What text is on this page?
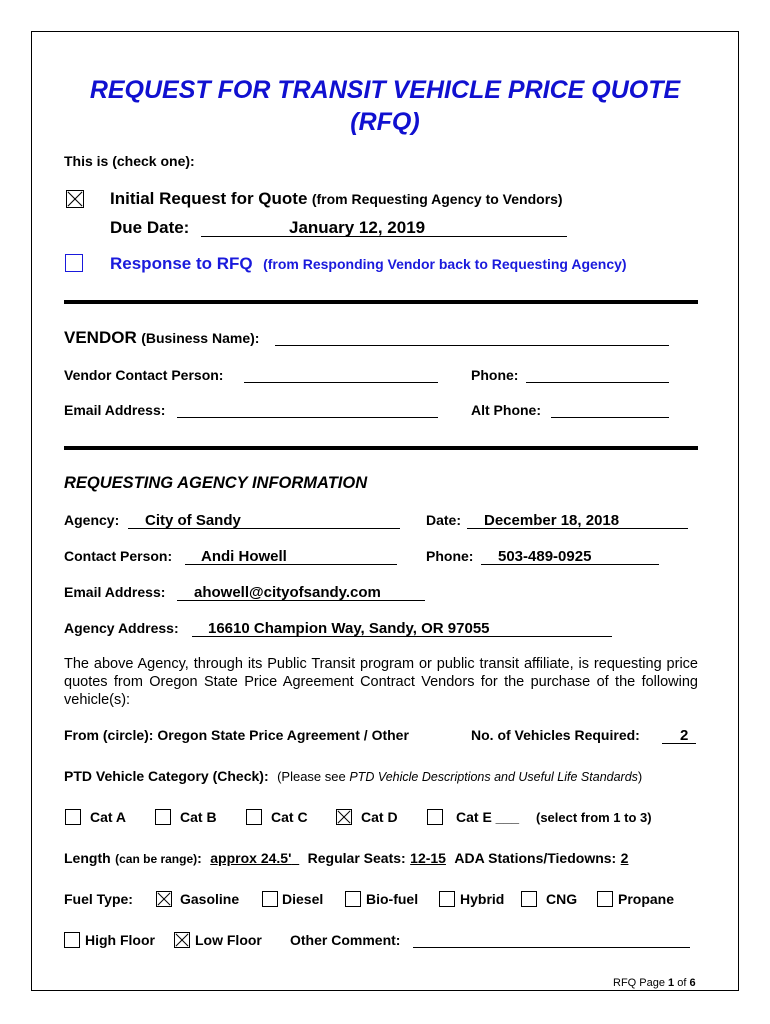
REQUEST FOR TRANSIT VEHICLE PRICE QUOTE
(RFQ)
This is (check one):
Initial Request for Quote (from Requesting Agency to Vendors)
Due Date:	January 12, 2019
Response to RFQ (from Responding Vendor back to Requesting Agency)
VENDOR (Business Name):
Vendor Contact Person:	Phone:
Email Address:	Alt Phone:
REQUESTING AGENCY INFORMATION
Agency: City of Sandy	Date: December 18, 2018
Contact Person: Andi Howell	Phone: 503-489-0925
Email Address: ahowell@cityofsandy.com
Agency Address: 16610 Champion Way, Sandy, OR 97055
The above Agency, through its Public Transit program or public transit affiliate, is requesting price quotes from Oregon State Price Agreement Contract Vendors for the purchase of the following vehicle(s):
From (circle): Oregon State Price Agreement / Other	No. of Vehicles Required:	2
PTD Vehicle Category (Check): (Please see PTD Vehicle Descriptions and Useful Life Standards)
Cat A	Cat B	Cat C	Cat D	Cat E ___ (select from 1 to 3)
Length (can be range): approx 24.5' Regular Seats: 12-15 ADA Stations/Tiedowns: 2
Fuel Type:	Gasoline	Diesel	Bio-fuel	Hybrid	CNG	Propane
High Floor	Low Floor Other Comment:
RFQ Page 1 of 6
